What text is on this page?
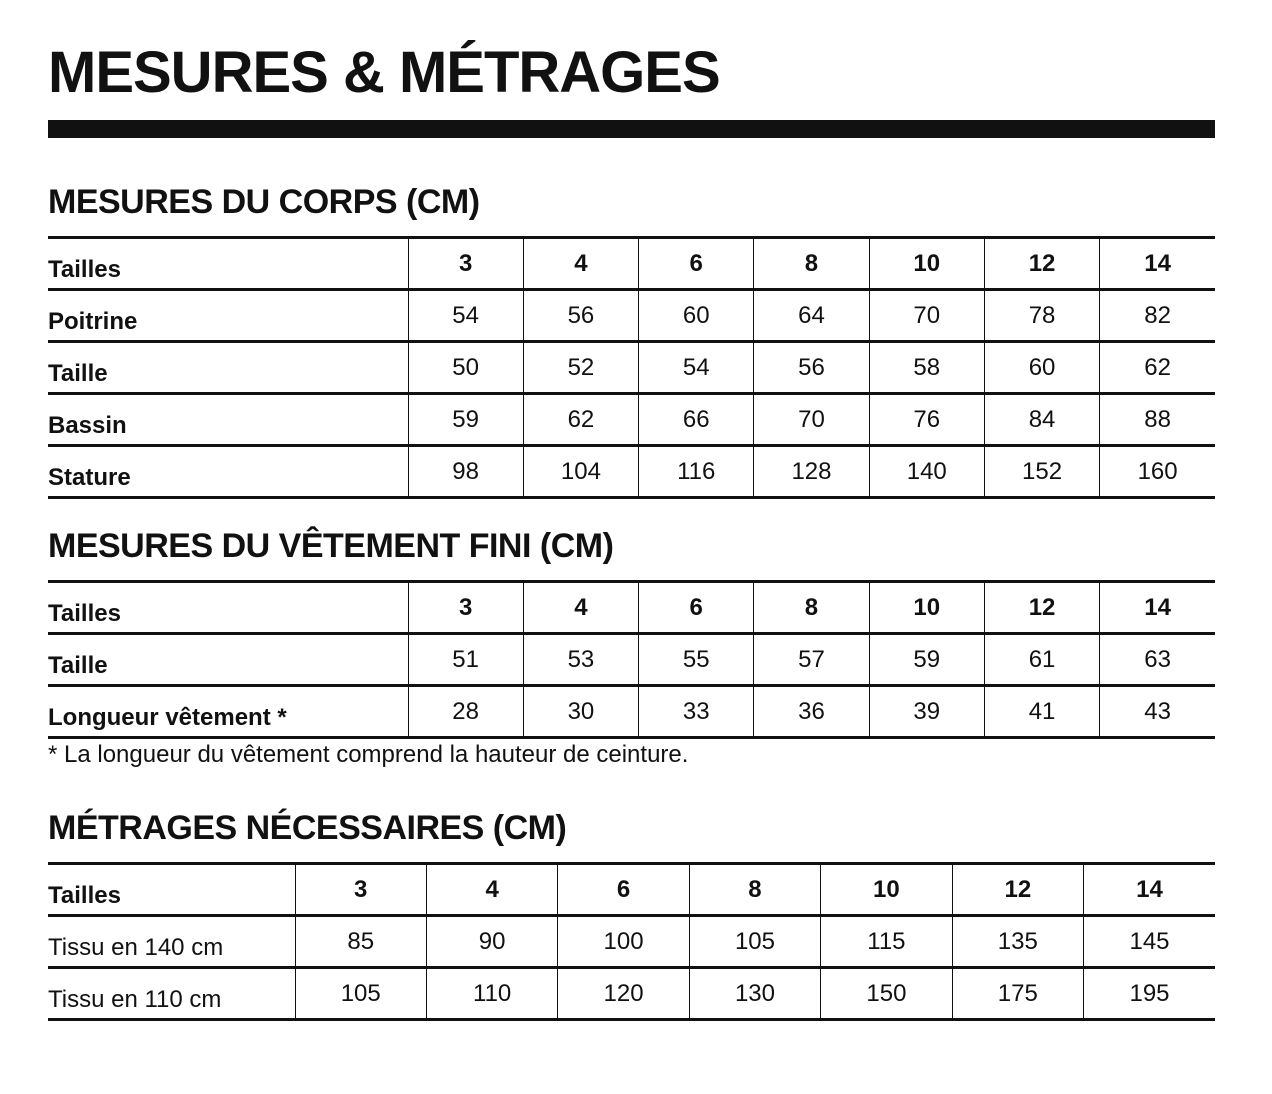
MESURES & MÉTRAGES
MESURES DU CORPS (CM)
Tailles	3	4	6	8	10	12	14
Poitrine	54	56	60	64	70	78	82
Taille	50	52	54	56	58	60	62
Bassin	59	62	66	70	76	84	88
Stature	98	104	116	128	140	152	160
MESURES DU VÊTEMENT FINI (CM)
Tailles	3	4	6	8	10	12	14
Taille	51	53	55	57	59	61	63
Longueur vêtement *	28	30	33	36	39	41	43
* La longueur du vêtement comprend la hauteur de ceinture.
MÉTRAGES NÉCESSAIRES (CM)
Tailles	3	4	6	8	10	12	14
Tissu en 140 cm	85	90	100	105	115	135	145
Tissu en 110 cm	105	110	120	130	150	175	195
